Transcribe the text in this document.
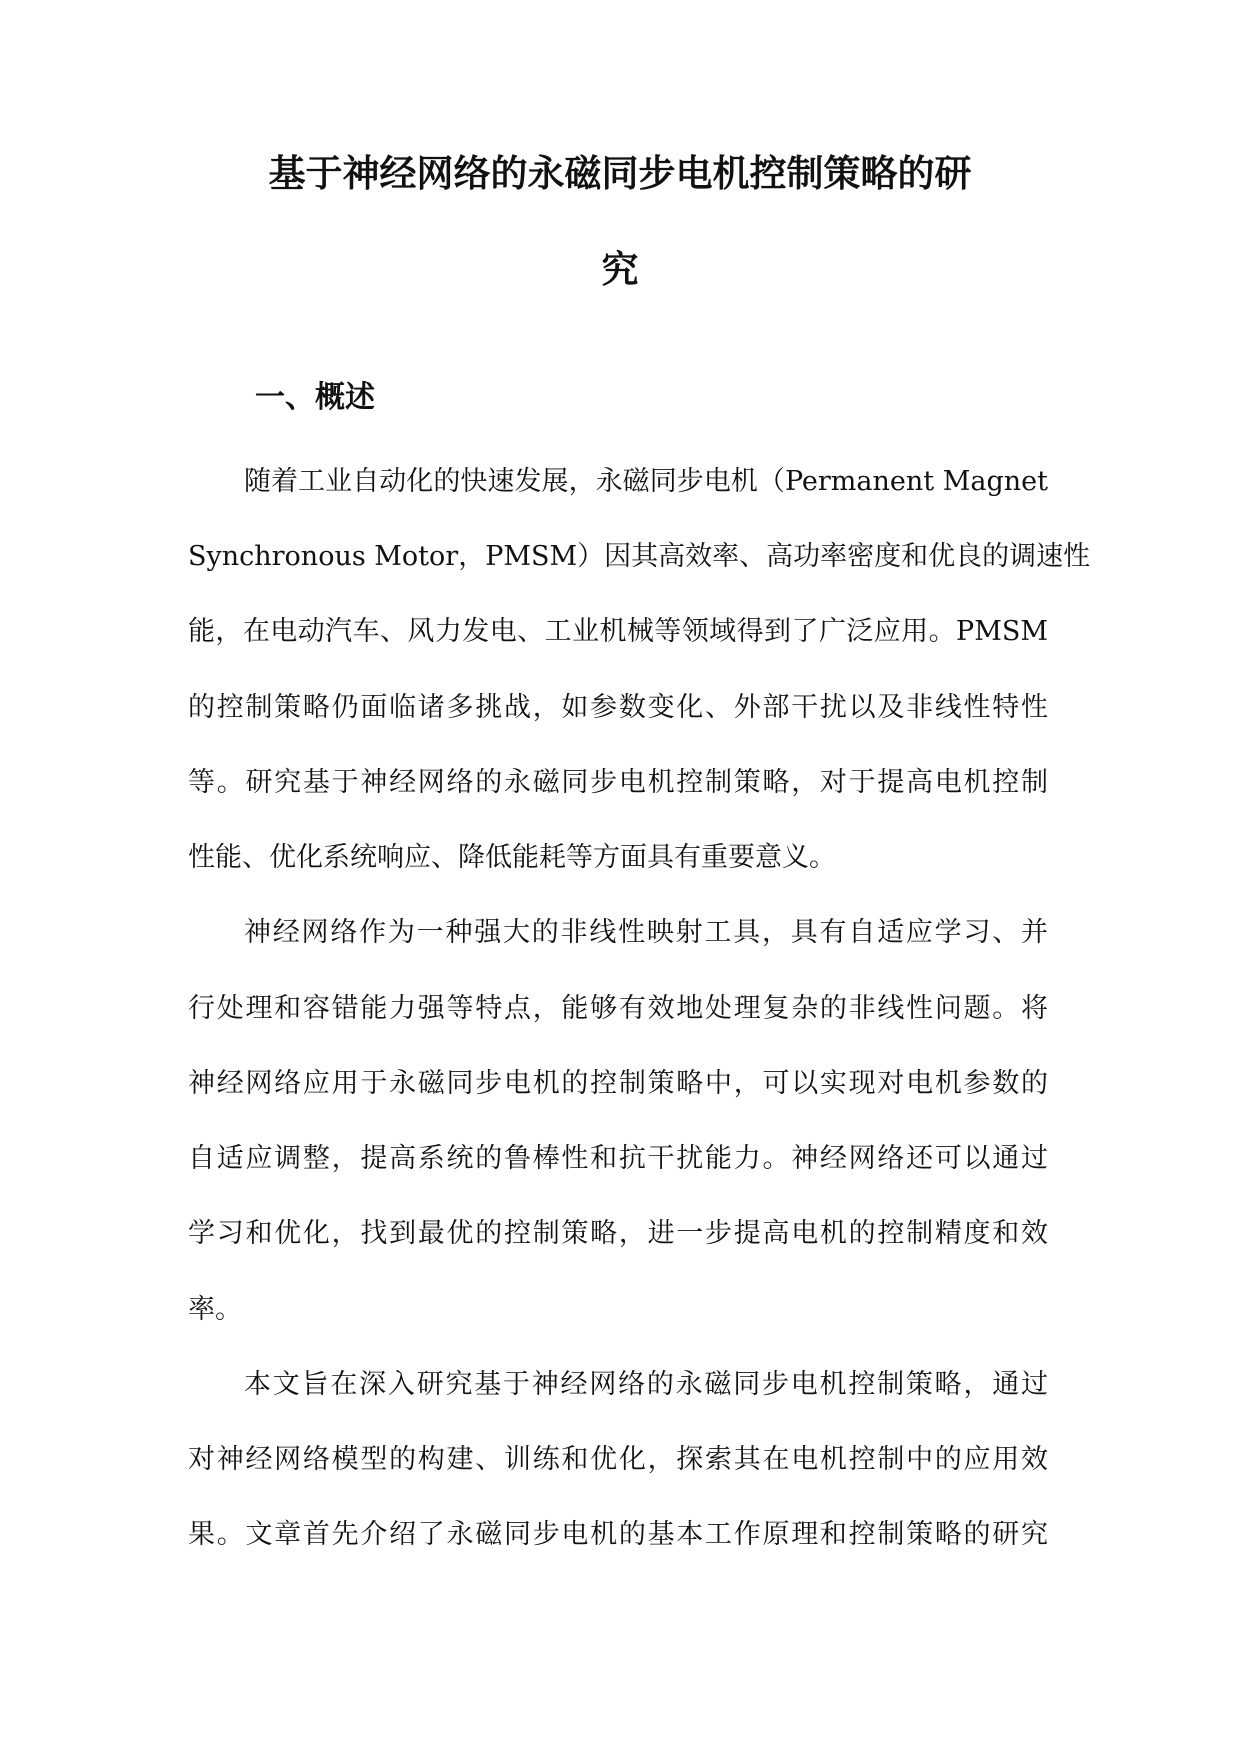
基于神经网络的永磁同步电机控制策略的研
究
一、概述

随着工业自动化的快速发展，永磁同步电机（Permanent Magnet

Synchronous Motor，PMSM）因其高效率、高功率密度和优良的调速性

能，在电动汽车、风力发电、工业机械等领域得到了广泛应用。PMSM

的控制策略仍面临诸多挑战，如参数变化、外部干扰以及非线性特性

等。研究基于神经网络的永磁同步电机控制策略，对于提高电机控制

性能、优化系统响应、降低能耗等方面具有重要意义。

神经网络作为一种强大的非线性映射工具，具有自适应学习、并

行处理和容错能力强等特点，能够有效地处理复杂的非线性问题。将

神经网络应用于永磁同步电机的控制策略中，可以实现对电机参数的

自适应调整，提高系统的鲁棒性和抗干扰能力。神经网络还可以通过

学习和优化，找到最优的控制策略，进一步提高电机的控制精度和效

率。

本文旨在深入研究基于神经网络的永磁同步电机控制策略，通过

对神经网络模型的构建、训练和优化，探索其在电机控制中的应用效

果。文章首先介绍了永磁同步电机的基本工作原理和控制策略的研究
